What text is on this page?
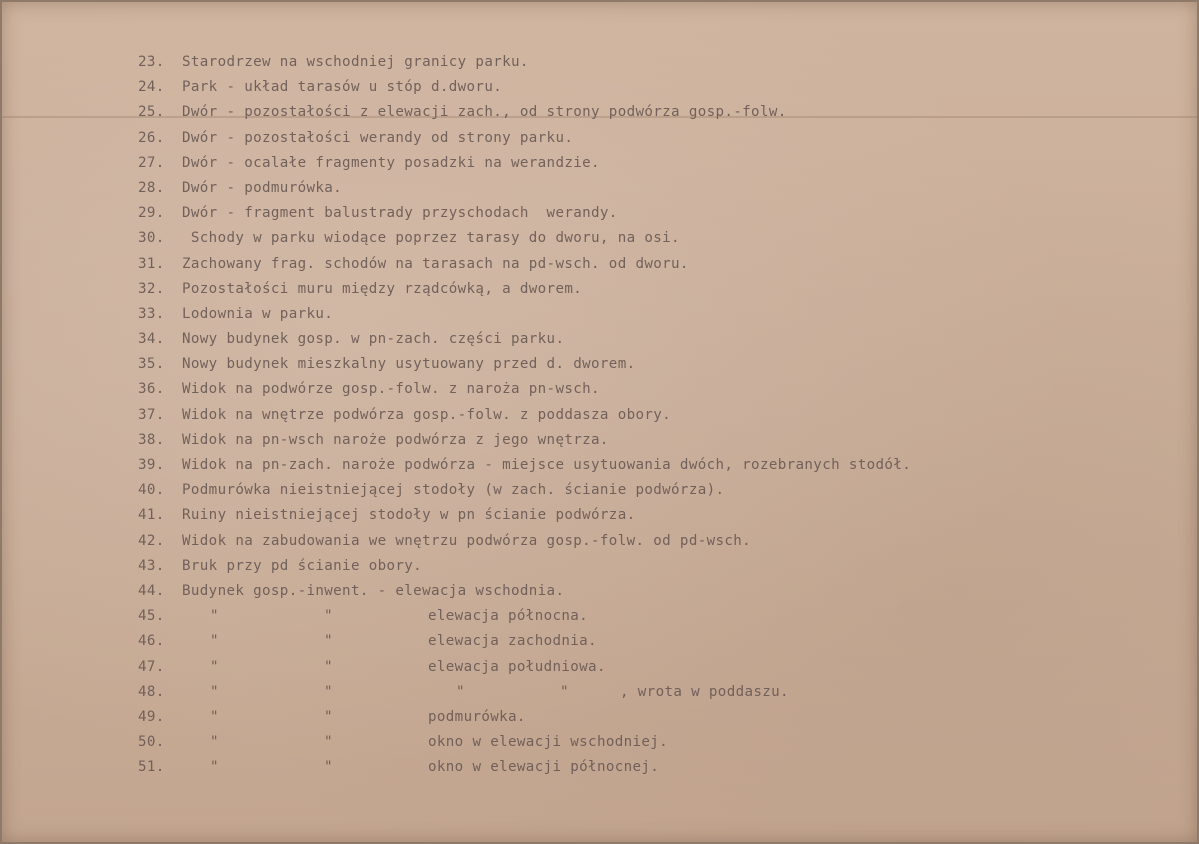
23. Starodrzew na wschodniej granicy parku.
24. Park - układ tarasów u stóp d.dworu.
25. Dwór - pozostałości z elewacji zach., od strony podwórza gosp.-folw.
26. Dwór - pozostałości werandy od strony parku.
27. Dwór - ocalałe fragmenty posadzki na werandzie.
28. Dwór - podmurówka.
29. Dwór - fragment balustrady przyschodach  werandy.
30. Schody w parku wiodące poprzez tarasy do dworu, na osi.
31. Zachowany frag. schodów na tarasach na pd-wsch. od dworu.
32. Pozostałości muru między rządcówką, a dworem.
33. Lodownia w parku.
34. Nowy budynek gosp. w pn-zach. części parku.
35. Nowy budynek mieszkalny usytuowany przed d. dworem.
36. Widok na podwórze gosp.-folw. z naroża pn-wsch.
37. Widok na wnętrze podwórza gosp.-folw. z poddasza obory.
38. Widok na pn-wsch naroże podwórza z jego wnętrza.
39. Widok na pn-zach. naroże podwórza - miejsce usytuowania dwóch, rozebranych stodół.
40. Podmurówka nieistniejącej stodoły (w zach. ścianie podwórza).
41. Ruiny nieistniejącej stodoły w pn ścianie podwórza.
42. Widok na zabudowania we wnętrzu podwórza gosp.-folw. od pd-wsch.
43. Bruk przy pd ścianie obory.
44. Budynek gosp.-inwent. - elewacja wschodnia.
45.	"	"	elewacja północna.
46.	"	"	elewacja zachodnia.
47.	"	"	elewacja południowa.
48.	"	"	"	"	, wrota w poddaszu.
49.	"	"	podmurówka.
50.	"	"	okno w elewacji wschodniej.
51.	"	"	okno w elewacji północnej.
